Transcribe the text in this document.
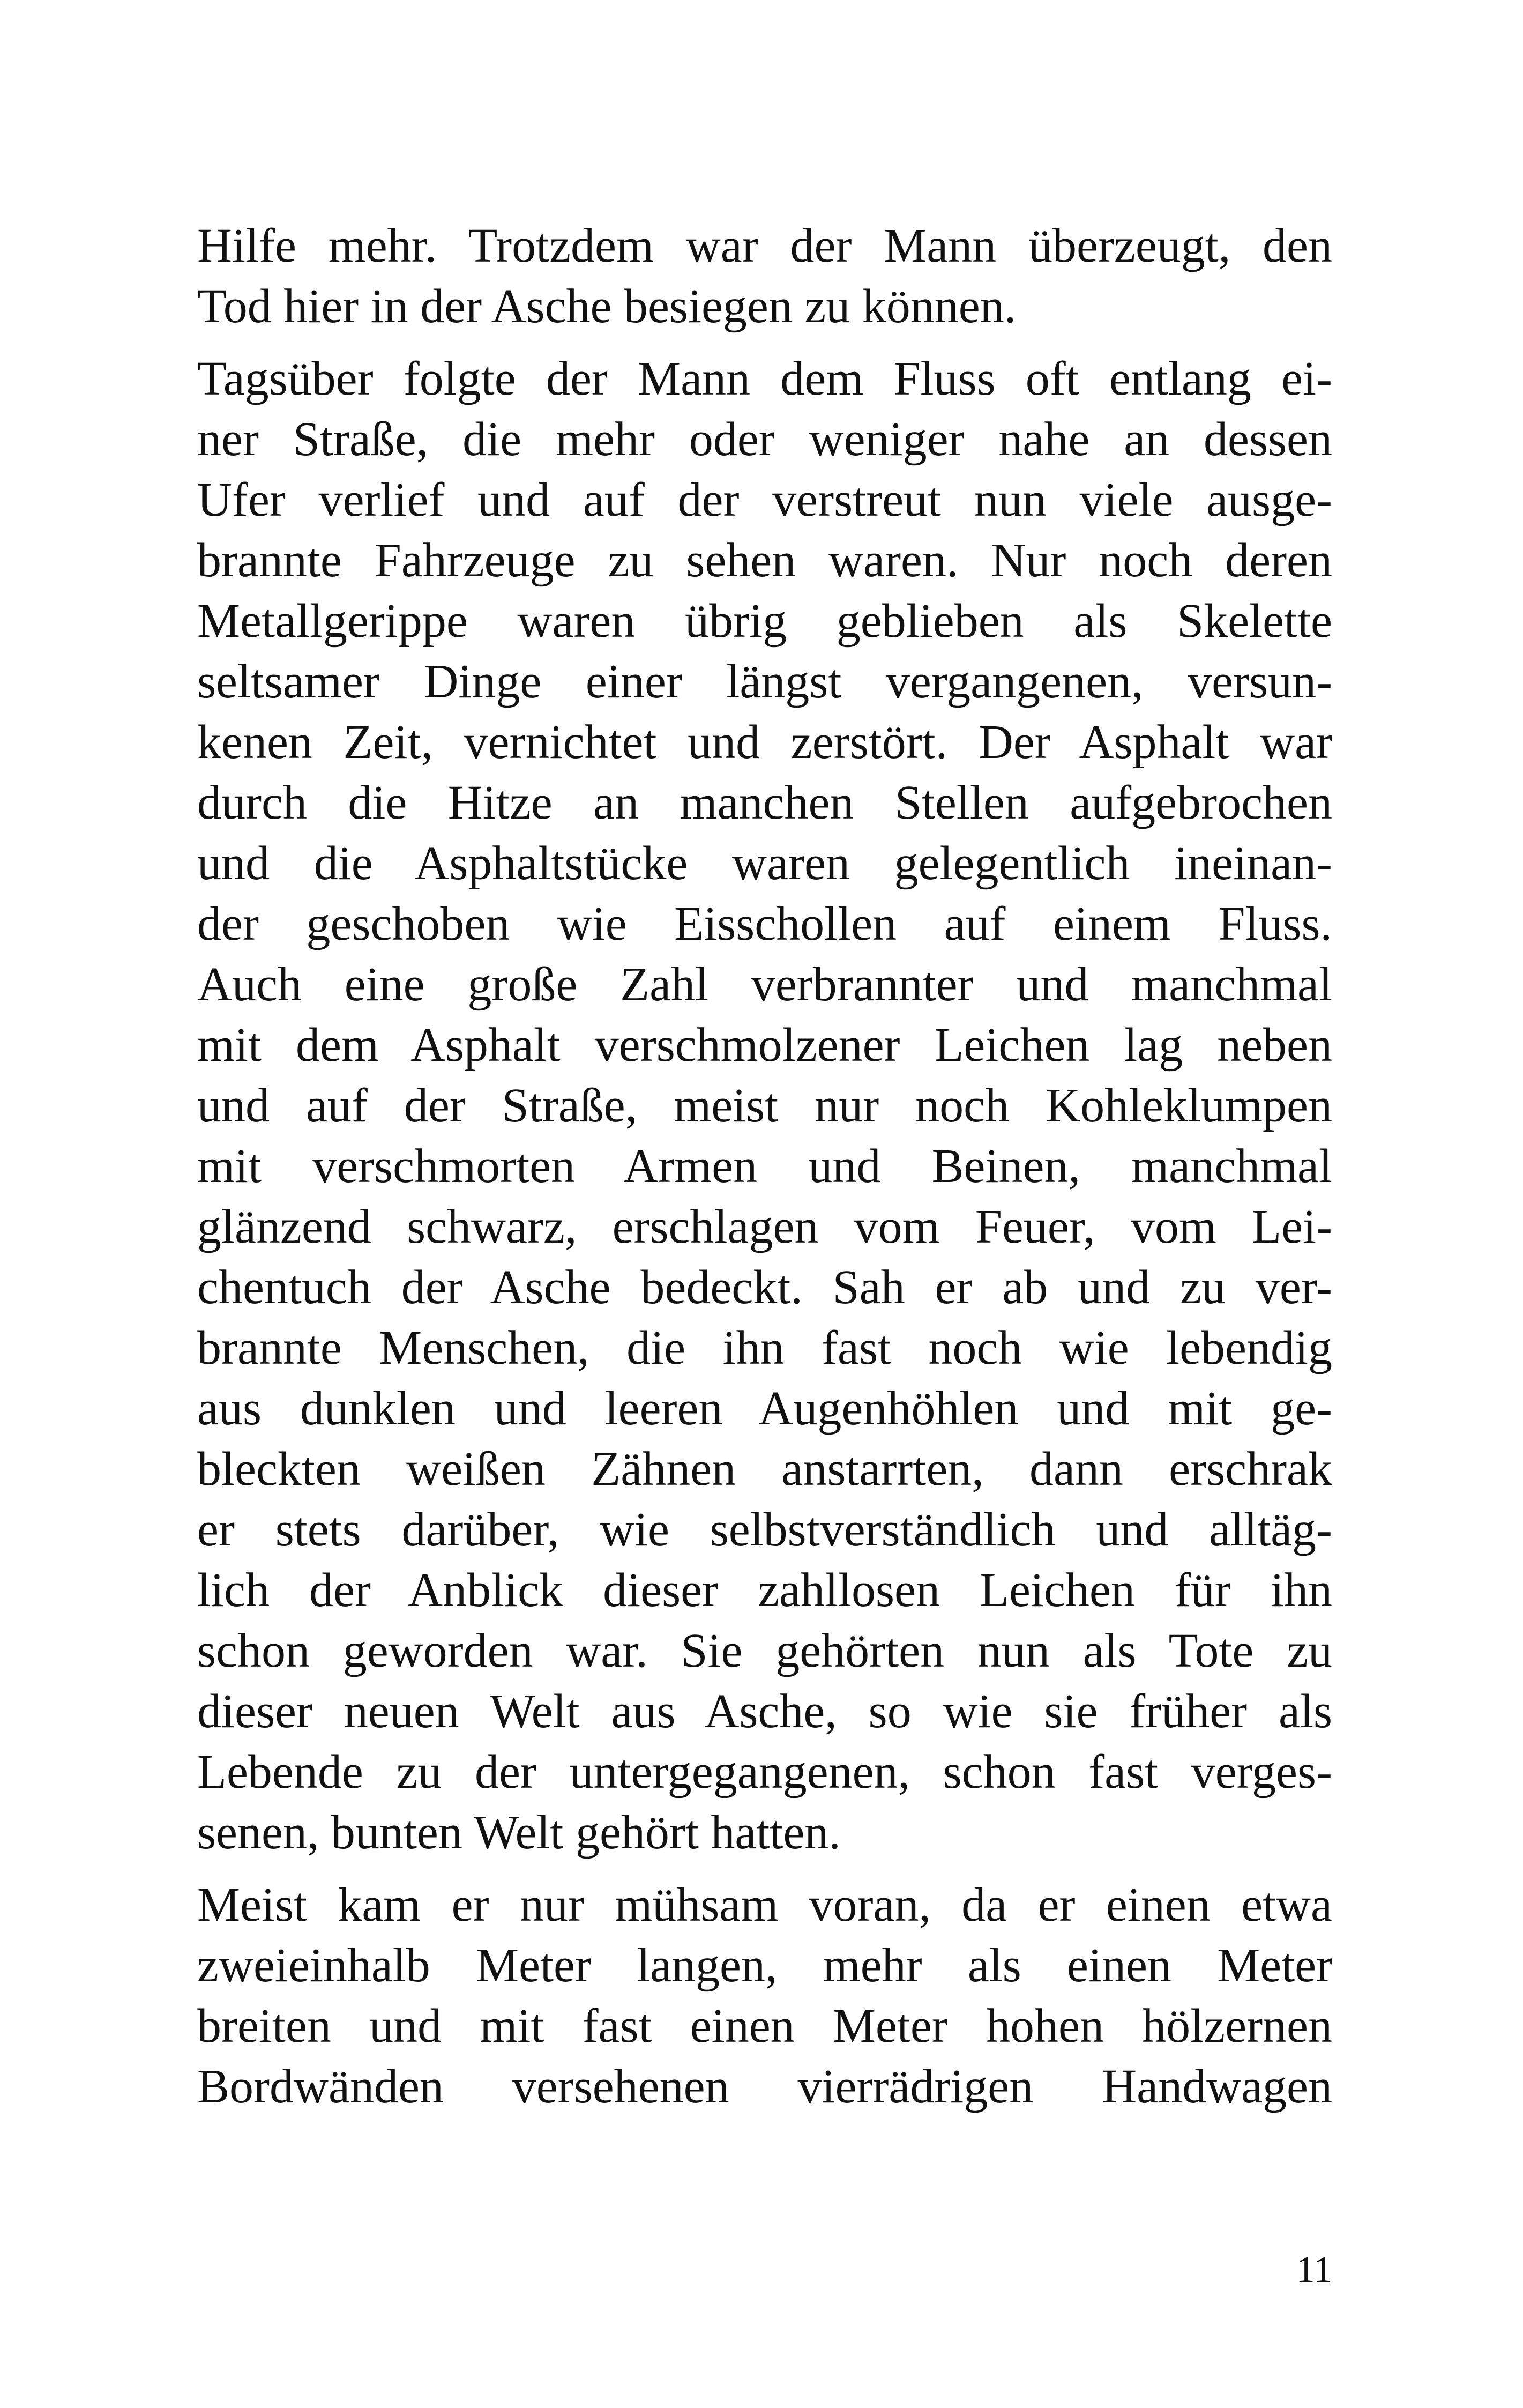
Hilfe mehr. Trotzdem war der Mann überzeugt, den
Tod hier in der Asche besiegen zu können.
Tagsüber folgte der Mann dem Fluss oft entlang ei-
ner Straße, die mehr oder weniger nahe an dessen
Ufer verlief und auf der verstreut nun viele ausge-
brannte Fahrzeuge zu sehen waren. Nur noch deren
Metallgerippe waren übrig geblieben als Skelette
seltsamer Dinge einer längst vergangenen, versun-
kenen Zeit, vernichtet und zerstört. Der Asphalt war
durch die Hitze an manchen Stellen aufgebrochen
und die Asphaltstücke waren gelegentlich ineinan-
der geschoben wie Eisschollen auf einem Fluss.
Auch eine große Zahl verbrannter und manchmal
mit dem Asphalt verschmolzener Leichen lag neben
und auf der Straße, meist nur noch Kohleklumpen
mit verschmorten Armen und Beinen, manchmal
glänzend schwarz, erschlagen vom Feuer, vom Lei-
chentuch der Asche bedeckt. Sah er ab und zu ver-
brannte Menschen, die ihn fast noch wie lebendig
aus dunklen und leeren Augenhöhlen und mit ge-
bleckten weißen Zähnen anstarrten, dann erschrak
er stets darüber, wie selbstverständlich und alltäg-
lich der Anblick dieser zahllosen Leichen für ihn
schon geworden war. Sie gehörten nun als Tote zu
dieser neuen Welt aus Asche, so wie sie früher als
Lebende zu der untergegangenen, schon fast verges-
senen, bunten Welt gehört hatten.
Meist kam er nur mühsam voran, da er einen etwa
zweieinhalb Meter langen, mehr als einen Meter
breiten und mit fast einen Meter hohen hölzernen
Bordwänden versehenen vierrädrigen Handwagen
11
